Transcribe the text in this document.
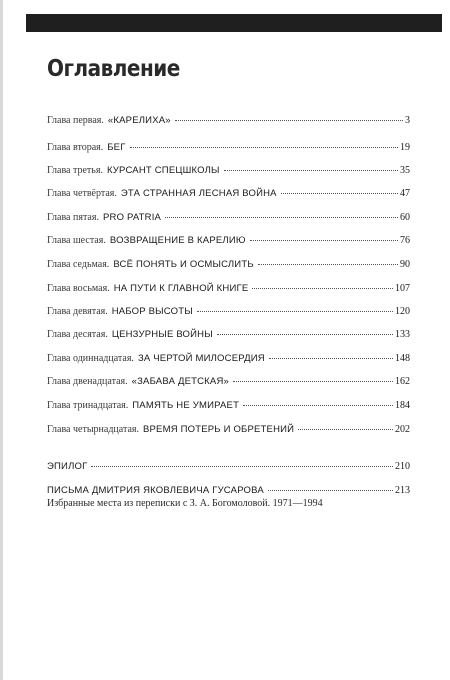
Оглавление
Глава первая. «КАРЕЛИХА»	3
Глава вторая. БЕГ	19
Глава третья. КУРСАНТ СПЕЦШКОЛЫ	35
Глава четвёртая. ЭТА СТРАННАЯ ЛЕСНАЯ ВОЙНА	47
Глава пятая. PRO PATRIA	60
Глава шестая. ВОЗВРАЩЕНИЕ В КАРЕЛИЮ	76
Глава седьмая. ВСЁ ПОНЯТЬ И ОСМЫСЛИТЬ	90
Глава восьмая. НА ПУТИ К ГЛАВНОЙ КНИГЕ	107
Глава девятая. НАБОР ВЫСОТЫ	120
Глава десятая. ЦЕНЗУРНЫЕ ВОЙНЫ	133
Глава одиннадцатая. ЗА ЧЕРТОЙ МИЛОСЕРДИЯ	148
Глава двенадцатая. «ЗАБАВА ДЕТСКАЯ»	162
Глава тринадцатая. ПАМЯТЬ НЕ УМИРАЕТ	184
Глава четырнадцатая. ВРЕМЯ ПОТЕРЬ И ОБРЕТЕНИЙ	202
ЭПИЛОГ	210
ПИСЬМА ДМИТРИЯ ЯКОВЛЕВИЧА ГУСАРОВА	213
Избранные места из переписки с З. А. Богомоловой. 1971—1994
